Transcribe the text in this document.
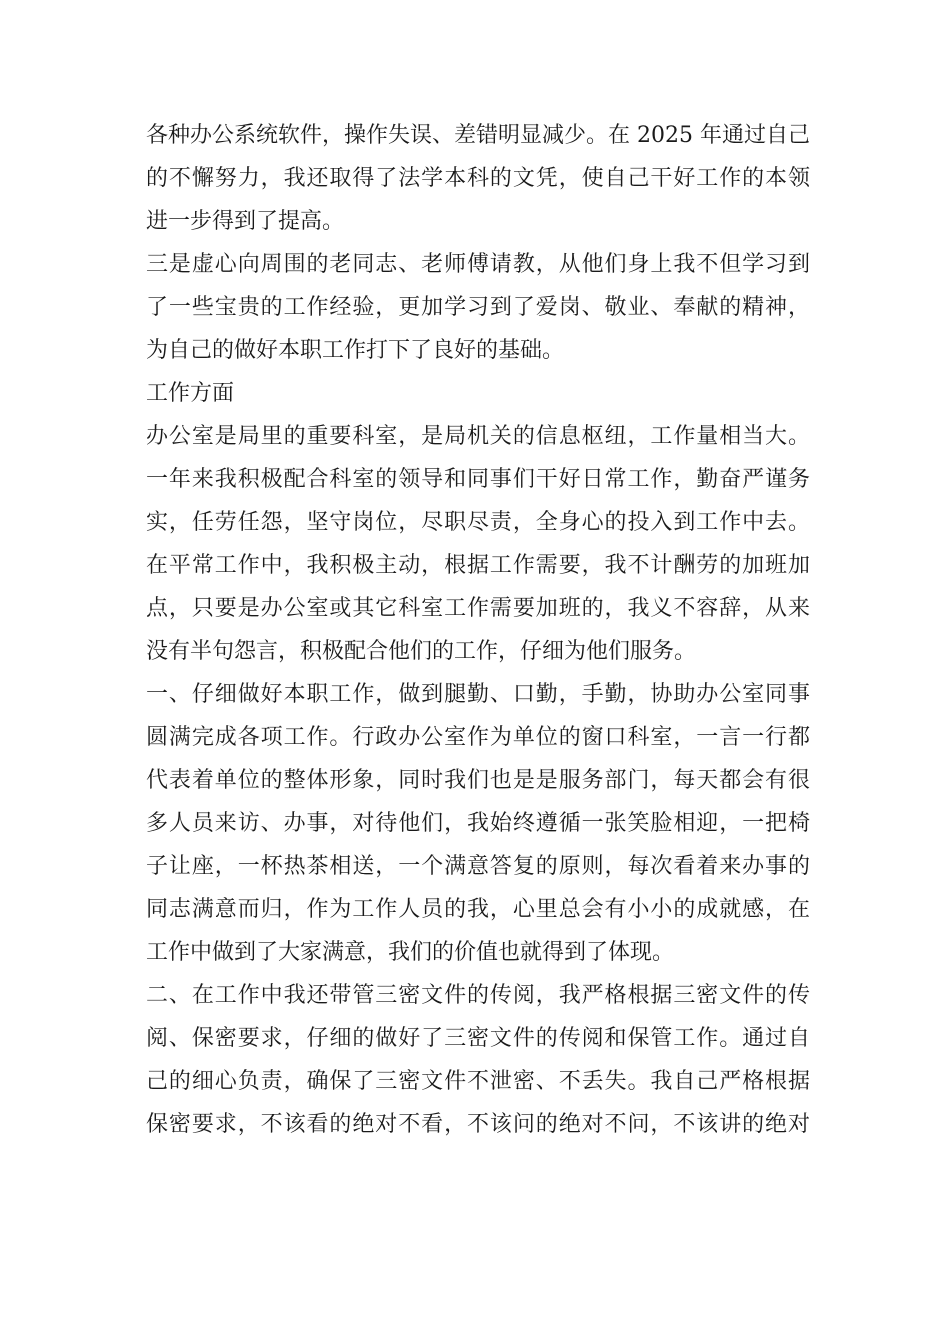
各种办公系统软件，操作失误、差错明显减少。在 2025 年通过自己
的不懈努力，我还取得了法学本科的文凭，使自己干好工作的本领
进一步得到了提高。
三是虚心向周围的老同志、老师傅请教，从他们身上我不但学习到
了一些宝贵的工作经验，更加学习到了爱岗、敬业、奉献的精神，
为自己的做好本职工作打下了良好的基础。
工作方面
办公室是局里的重要科室，是局机关的信息枢纽，工作量相当大。
一年来我积极配合科室的领导和同事们干好日常工作，勤奋严谨务
实，任劳任怨，坚守岗位，尽职尽责，全身心的投入到工作中去。
在平常工作中，我积极主动，根据工作需要，我不计酬劳的加班加
点，只要是办公室或其它科室工作需要加班的，我义不容辞，从来
没有半句怨言，积极配合他们的工作，仔细为他们服务。
一、仔细做好本职工作，做到腿勤、口勤，手勤，协助办公室同事
圆满完成各项工作。行政办公室作为单位的窗口科室，一言一行都
代表着单位的整体形象，同时我们也是是服务部门，每天都会有很
多人员来访、办事，对待他们，我始终遵循一张笑脸相迎，一把椅
子让座，一杯热茶相送，一个满意答复的原则，每次看着来办事的
同志满意而归，作为工作人员的我，心里总会有小小的成就感，在
工作中做到了大家满意，我们的价值也就得到了体现。
二、在工作中我还带管三密文件的传阅，我严格根据三密文件的传
阅、保密要求，仔细的做好了三密文件的传阅和保管工作。通过自
己的细心负责，确保了三密文件不泄密、不丢失。我自己严格根据
保密要求，不该看的绝对不看，不该问的绝对不问，不该讲的绝对
